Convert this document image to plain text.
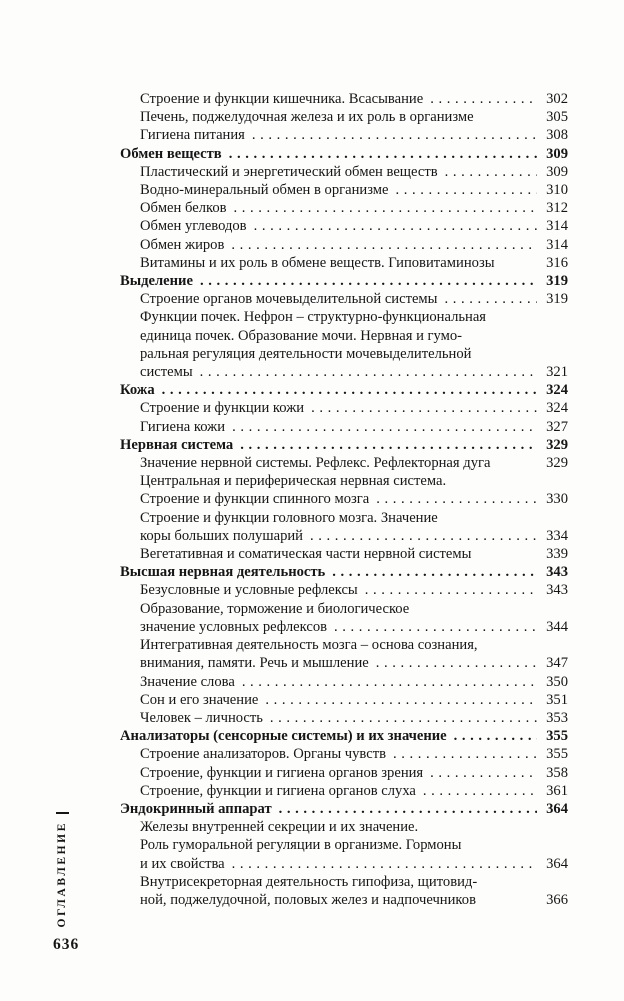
Строение и функции кишечника. Всасывание .....	302
Печень, поджелудочная железа и их роль в организме	305
Гигиена питания .....	308
Обмен веществ .....	309
Пластический и энергетический обмен веществ .....	309
Водно-минеральный обмен в организме .....	310
Обмен белков .....	312
Обмен углеводов .....	314
Обмен жиров .....	314
Витамины и их роль в обмене веществ. Гиповитаминозы	316
Выделение .....	319
Строение органов мочевыделительной системы .....	319
Функции почек. Нефрон – структурно-функциональная
единица почек. Образование мочи. Нервная и гумо-
ральная регуляция деятельности мочевыделительной
системы .....	321
Кожа .....	324
Строение и функции кожи .....	324
Гигиена кожи .....	327
Нервная система .....	329
Значение нервной системы. Рефлекс. Рефлекторная дуга	329
Центральная и периферическая нервная система.
Строение и функции спинного мозга .....	330
Строение и функции головного мозга. Значение
коры больших полушарий .....	334
Вегетативная и соматическая части нервной системы	339
Высшая нервная деятельность .....	343
Безусловные и условные рефлексы .....	343
Образование, торможение и биологическое
значение условных рефлексов .....	344
Интегративная деятельность мозга – основа сознания,
внимания, памяти. Речь и мышление .....	347
Значение слова .....	350
Сон и его значение .....	351
Человек – личность .....	353
Анализаторы (сенсорные системы) и их значение .....	355
Строение анализаторов. Органы чувств .....	355
Строение, функции и гигиена органов зрения .....	358
Строение, функции и гигиена органов слуха .....	361
Эндокринный аппарат .....	364
Железы внутренней секреции и их значение.
Роль гуморальной регуляции в организме. Гормоны
и их свойства .....	364
Внутрисекреторная деятельность гипофиза, щитовид-
ной, поджелудочной, половых желез и надпочечников	366
ОГЛАВЛЕНИЕ
636
